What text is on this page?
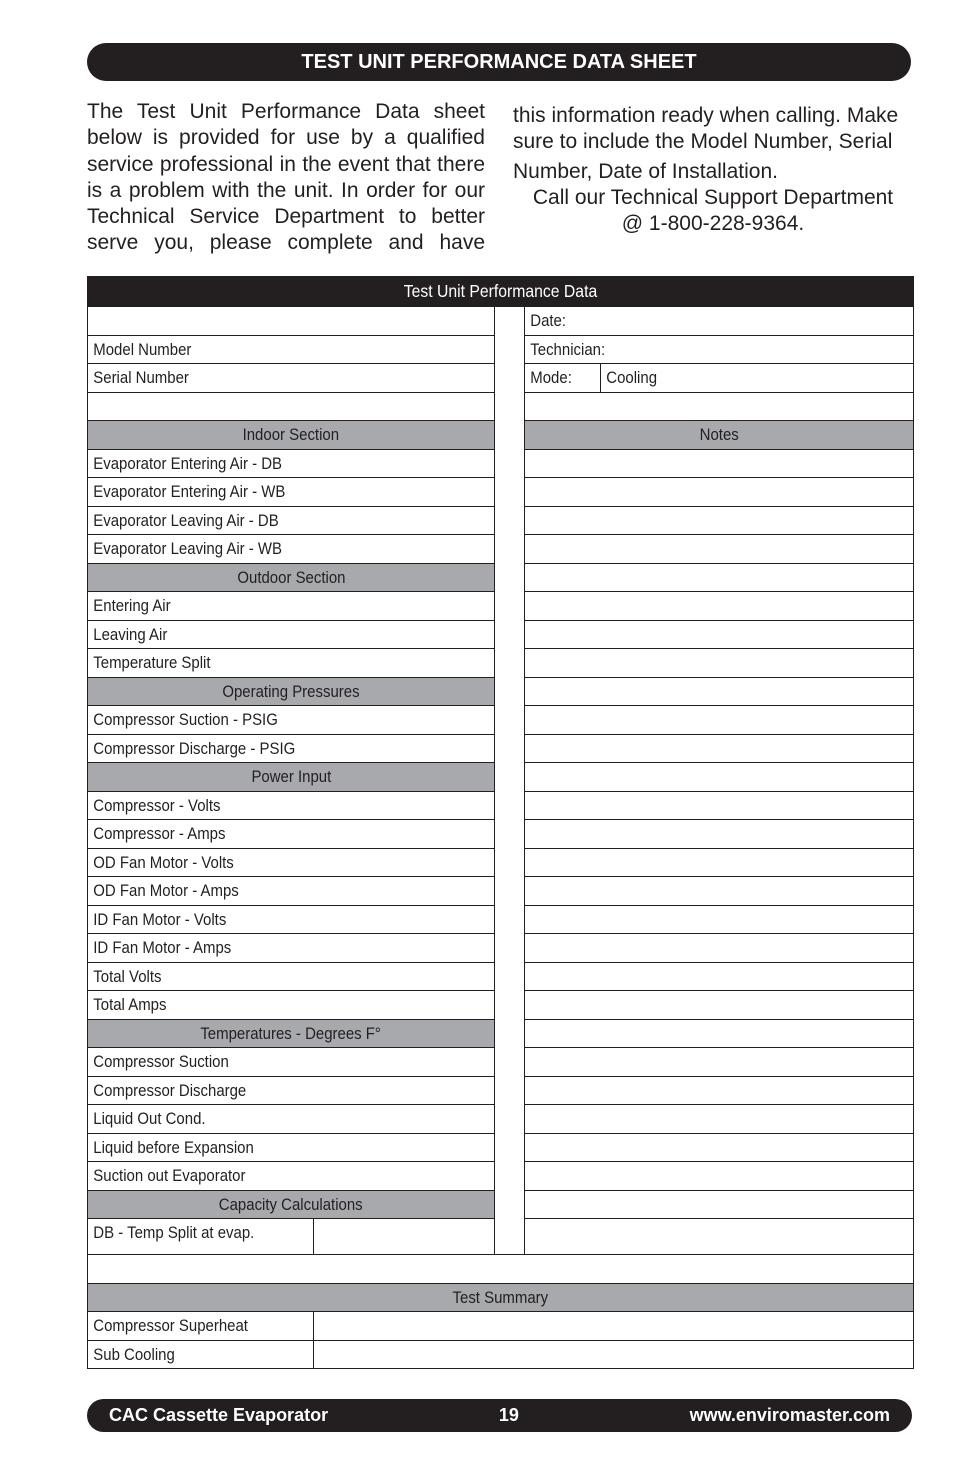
TEST UNIT PERFORMANCE DATA SHEET
The Test Unit Performance Data sheet below is provided for use by a qualified service professional in the event that there is a problem with the unit. In order for our Technical Service Department to better serve you, please complete and have
this information ready when calling. Make
sure to include the Model Number, Serial
Number, Date of Installation.
Call our Technical Support Department
@ 1-800-228-9364.
Test Unit Performance Data
Model Number
Serial Number
Indoor Section
Evaporator Entering Air - DB
Evaporator Entering Air - WB
Evaporator Leaving Air - DB
Evaporator Leaving Air - WB
Outdoor Section
Entering Air
Leaving Air
Temperature Split
Operating Pressures
Compressor Suction - PSIG
Compressor Discharge - PSIG
Power Input
Compressor - Volts
Compressor - Amps
OD Fan Motor - Volts
OD Fan Motor - Amps
ID Fan Motor - Volts
ID Fan Motor - Amps
Total Volts
Total Amps
Temperatures - Degrees F°
Compressor Suction
Compressor Discharge
Liquid Out Cond.
Liquid before Expansion
Suction out Evaporator
Capacity Calculations
DB - Temp Split at evap.
Date:
Technician:
Mode:	Cooling
Notes
Test Summary
Compressor Superheat
Sub Cooling
CAC Cassette Evaporator	19	www.enviromaster.com
